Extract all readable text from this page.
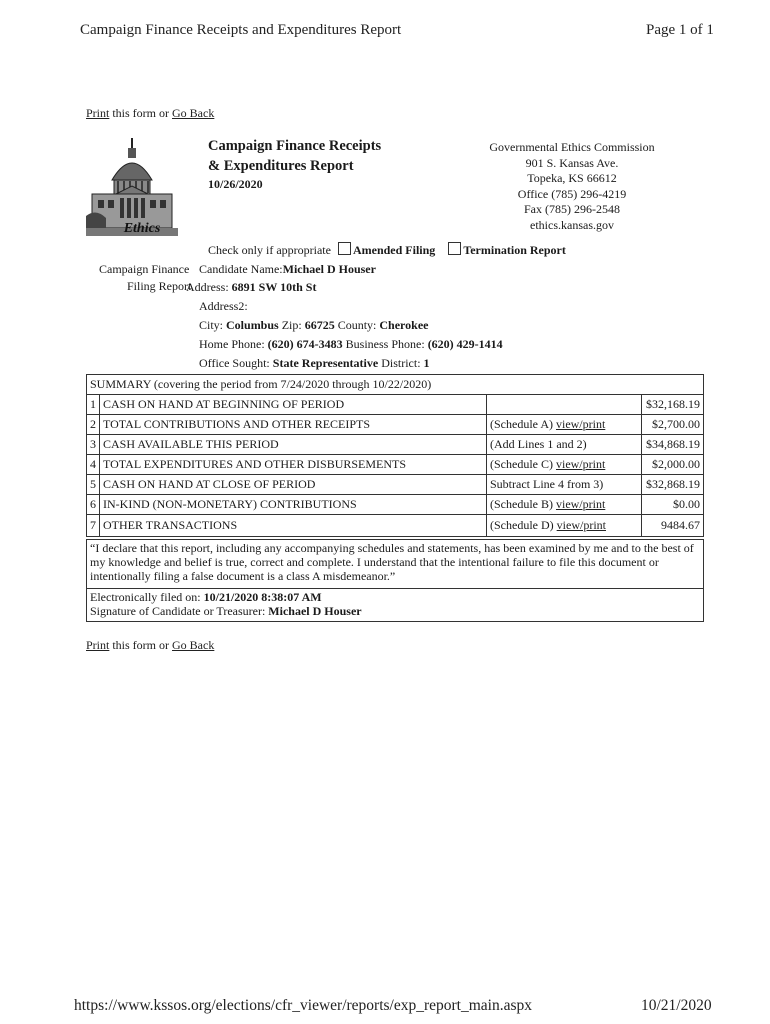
Campaign Finance Receipts and Expenditures Report	Page 1 of 1
Print this form or Go Back
Ethics
Campaign Finance Receipts
& Expenditures Report
10/26/2020
Governmental Ethics Commission
901 S. Kansas Ave.
Topeka, KS 66612
Office (785) 296-4219
Fax (785) 296-2548
ethics.kansas.gov
Check only if appropriate Amended Filing Termination Report
Campaign Finance
Filing Report
Candidate Name:Michael D Houser
Address: 6891 SW 10th St
Address2:
City: Columbus Zip: 66725 County: Cherokee
Home Phone: (620) 674-3483 Business Phone: (620) 429-1414
Office Sought: State Representative District: 1
SUMMARY (covering the period from 7/24/2020 through 10/22/2020)			
1	CASH ON HAND AT BEGINNING OF PERIOD		$32,168.19
2	TOTAL CONTRIBUTIONS AND OTHER RECEIPTS	(Schedule A) view/print	$2,700.00
3	CASH AVAILABLE THIS PERIOD	(Add Lines 1 and 2)	$34,868.19
4	TOTAL EXPENDITURES AND OTHER DISBURSEMENTS	(Schedule C) view/print	$2,000.00
5	CASH ON HAND AT CLOSE OF PERIOD	Subtract Line 4 from 3)	$32,868.19
6	IN-KIND (NON-MONETARY) CONTRIBUTIONS	(Schedule B) view/print	$0.00
7	OTHER TRANSACTIONS	(Schedule D) view/print	9484.67
“I declare that this report, including any accompanying schedules and statements, has been examined by me and to the best of my knowledge and belief is true, correct and complete. I understand that the intentional failure to file this document or intentionally filing a false document is a class A misdemeanor.”
Electronically filed on: 10/21/2020 8:38:07 AM
Signature of Candidate or Treasurer: Michael D Houser
Print this form or Go Back
https://www.kssos.org/elections/cfr_viewer/reports/exp_report_main.aspx	10/21/2020
